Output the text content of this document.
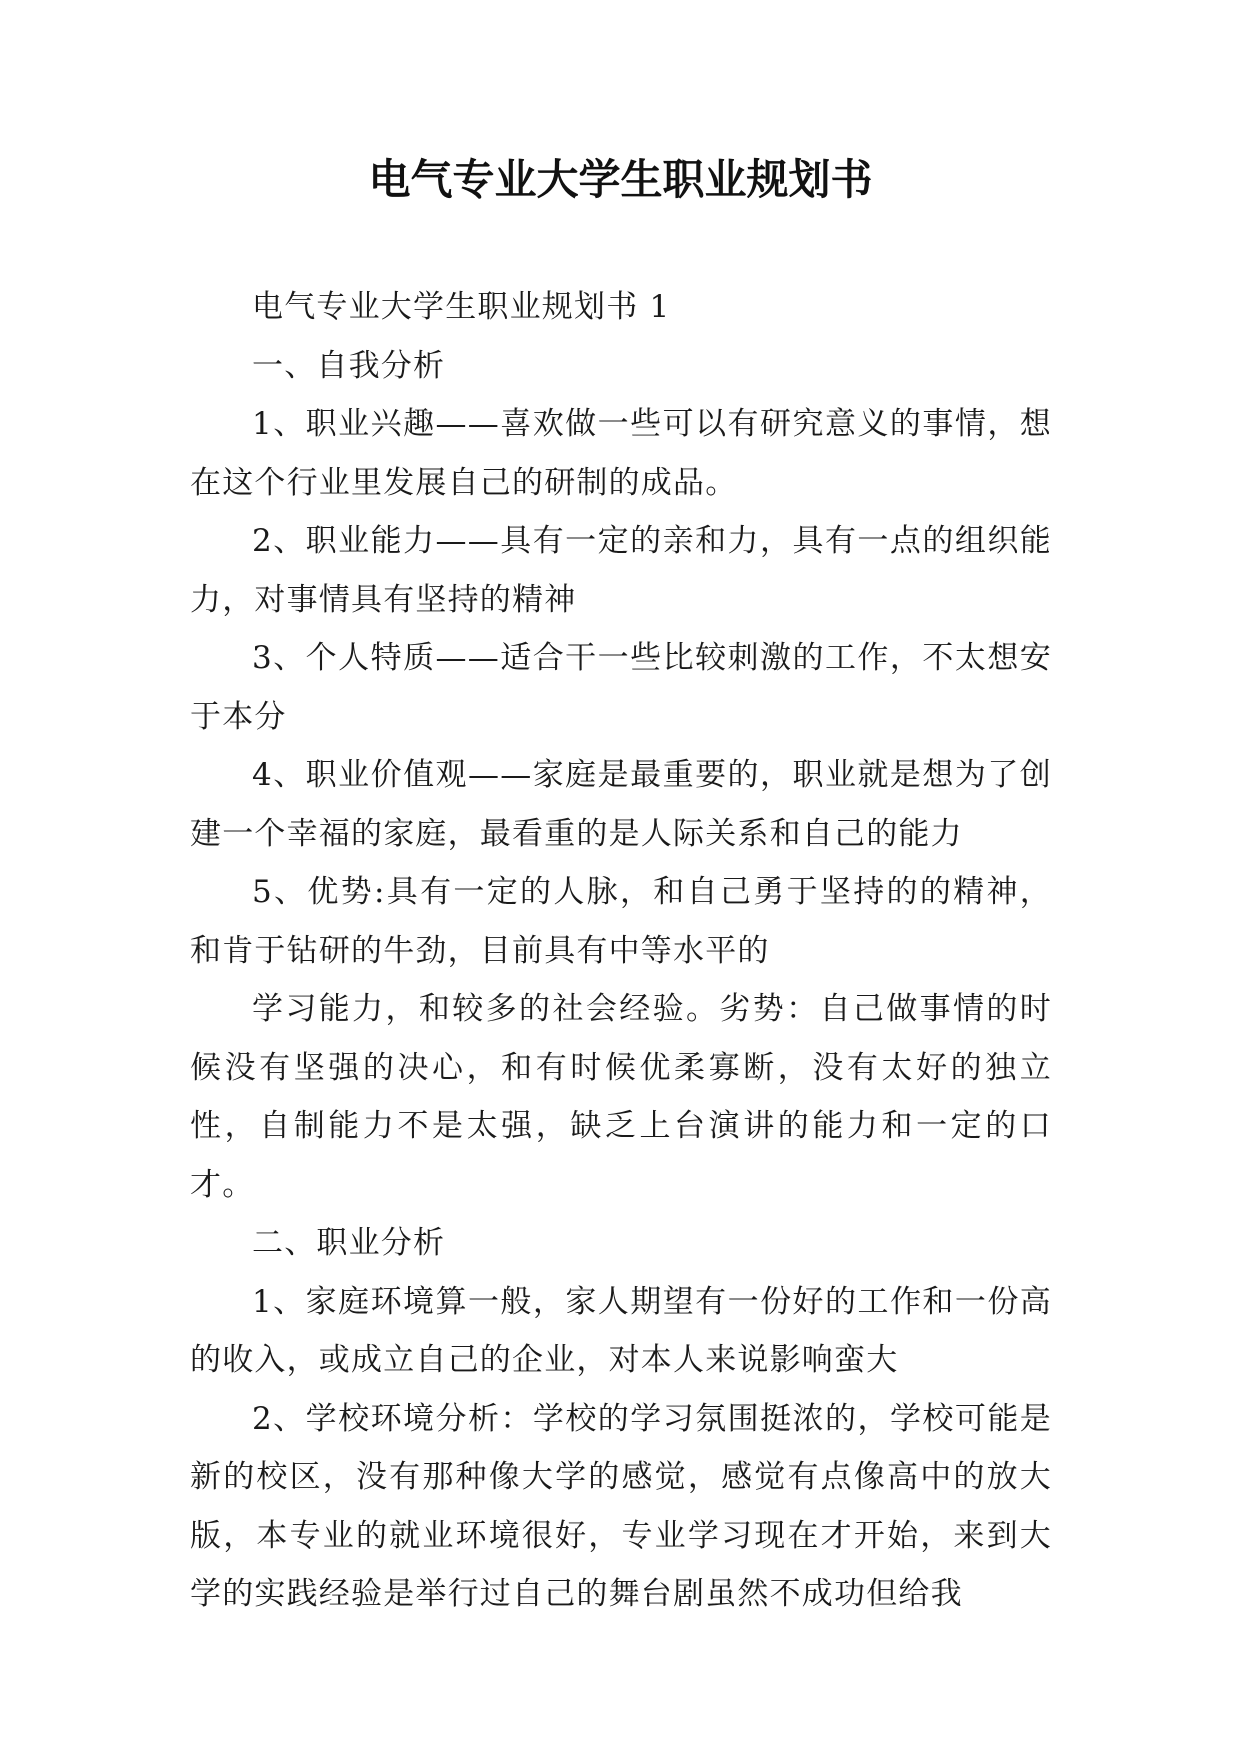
电气专业大学生职业规划书

电气专业大学生职业规划书 1

一、自我分析

1、职业兴趣——喜欢做一些可以有研究意义的事情，想在这个行业里发展自己的研制的成品。

2、职业能力——具有一定的亲和力，具有一点的组织能力，对事情具有坚持的精神

3、个人特质——适合干一些比较刺激的工作，不太想安于本分

4、职业价值观——家庭是最重要的，职业就是想为了创建一个幸福的家庭，最看重的是人际关系和自己的能力

5、优势:具有一定的人脉，和自己勇于坚持的的精神，和肯于钻研的牛劲，目前具有中等水平的

学习能力，和较多的社会经验。劣势：自己做事情的时候没有坚强的决心，和有时候优柔寡断，没有太好的独立性，自制能力不是太强，缺乏上台演讲的能力和一定的口才。

二、职业分析

1、家庭环境算一般，家人期望有一份好的工作和一份高的收入，或成立自己的企业，对本人来说影响蛮大

2、学校环境分析：学校的学习氛围挺浓的，学校可能是新的校区，没有那种像大学的感觉，感觉有点像高中的放大版，本专业的就业环境很好，专业学习现在才开始，来到大学的实践经验是举行过自己的舞台剧虽然不成功但给我
